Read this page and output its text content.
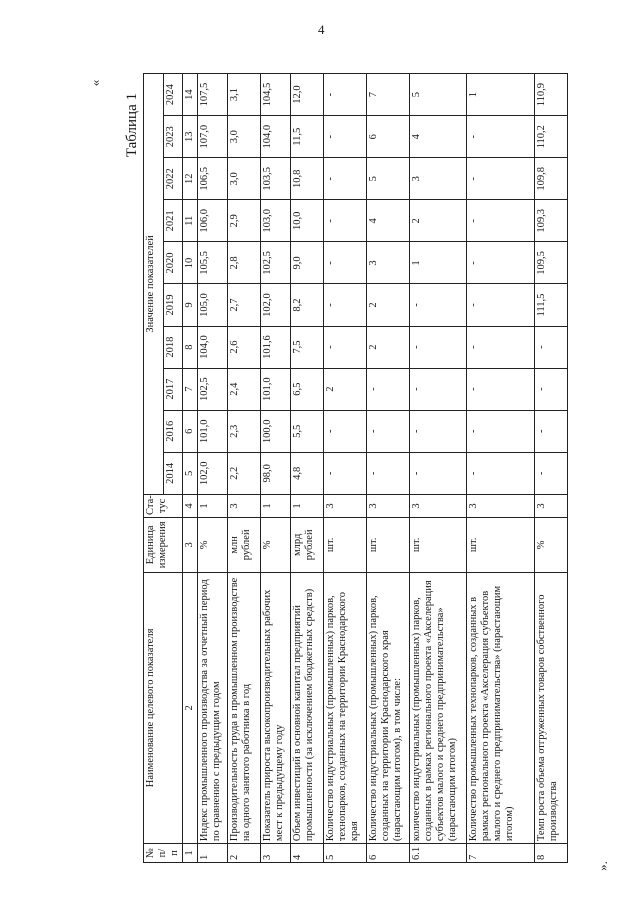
4
«
».
Таблица 1
№ п/п	Наименование целевого показателя	Единица измерения	Ста-тус	Значение показателей									
				2014	2016	2017	2018	2019	2020	2021	2022	2023	2024
1	2	3	4	5	6	7	8	9	10	11	12	13	14
1	Индекс промышленного производства за отчетный период по сравнению с предыдущим годом	%	1	102,0	101,0	102,5	104,0	105,0	105,5	106,0	106,5	107,0	107,5
2	Производительность труда в промышленном производстве на одного занятого работника в год	млн рублей	3	2,2	2,3	2,4	2,6	2,7	2,8	2,9	3,0	3,0	3,1
3	Показатель прироста высокопроизводительных рабочих мест к предыдущему году	%	1	98,0	100,0	101,0	101,6	102,0	102,5	103,0	103,5	104,0	104,5
4	Объем инвестиций в основной капитал предприятий промышленности (за исключением бюджетных средств)	млрд рублей	1	4,8	5,5	6,5	7,5	8,2	9,0	10,0	10,8	11,5	12,0
5	Количество индустриальных (промышленных) парков, технопарков, созданных на территории Краснодарского края	шт.	3	-	-	2	-	-	-	-	-	-	-
6	Количество индустриальных (промышленных) парков, созданных на территории Краснодарского края (нарастающим итогом), в том числе:	шт.	3	-	-	-	2	2	3	4	5	6	7
6.1	количество индустриальных (промышленных) парков, созданных в рамках регионального проекта «Акселерация субъектов малого и среднего предпринимательства» (нарастающим итогом)	шт.	3	-	-	-	-	-	1	2	3	4	5
7	Количество промышленных технопарков, созданных в рамках регионального проекта «Акселерация субъектов малого и среднего предпринимательства» (нарастающим итогом)	шт.	3	-	-	-	-	-	-	-	-	-	1
8	Темп роста объема отгруженных товаров собственного производства	%	3	-	-	-	-	111,5	109,5	109,3	109,8	110,2	110,9
